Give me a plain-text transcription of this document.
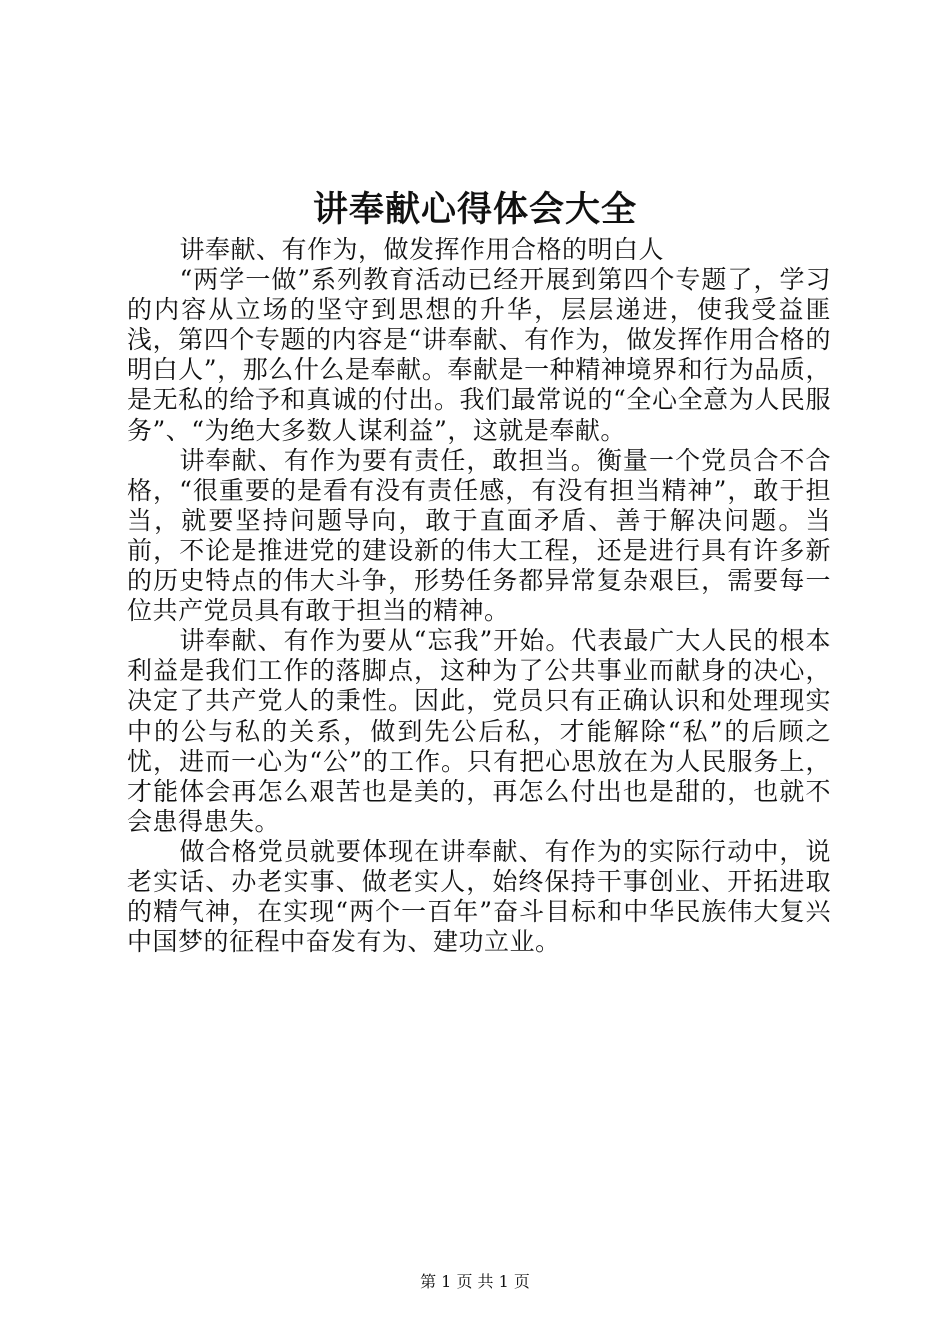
讲奉献心得体会大全

讲奉献、有作为，做发挥作用合格的明白人

“两学一做”系列教育活动已经开展到第四个专题了，学习的内容从立场的坚守到思想的升华，层层递进，使我受益匪浅，第四个专题的内容是“讲奉献、有作为，做发挥作用合格的明白人”，那么什么是奉献。奉献是一种精神境界和行为品质，是无私的给予和真诚的付出。我们最常说的“全心全意为人民服务”、“为绝大多数人谋利益”，这就是奉献。

讲奉献、有作为要有责任，敢担当。衡量一个党员合不合格，“很重要的是看有没有责任感，有没有担当精神”，敢于担当，就要坚持问题导向，敢于直面矛盾、善于解决问题。当前，不论是推进党的建设新的伟大工程，还是进行具有许多新的历史特点的伟大斗争，形势任务都异常复杂艰巨，需要每一位共产党员具有敢于担当的精神。

讲奉献、有作为要从“忘我”开始。代表最广大人民的根本利益是我们工作的落脚点，这种为了公共事业而献身的决心，决定了共产党人的秉性。因此，党员只有正确认识和处理现实中的公与私的关系，做到先公后私，才能解除“私”的后顾之忧，进而一心为“公”的工作。只有把心思放在为人民服务上，才能体会再怎么艰苦也是美的，再怎么付出也是甜的，也就不会患得患失。

做合格党员就要体现在讲奉献、有作为的实际行动中，说老实话、办老实事、做老实人，始终保持干事创业、开拓进取的精气神，在实现“两个一百年”奋斗目标和中华民族伟大复兴中国梦的征程中奋发有为、建功立业。

第 1 页 共 1 页
